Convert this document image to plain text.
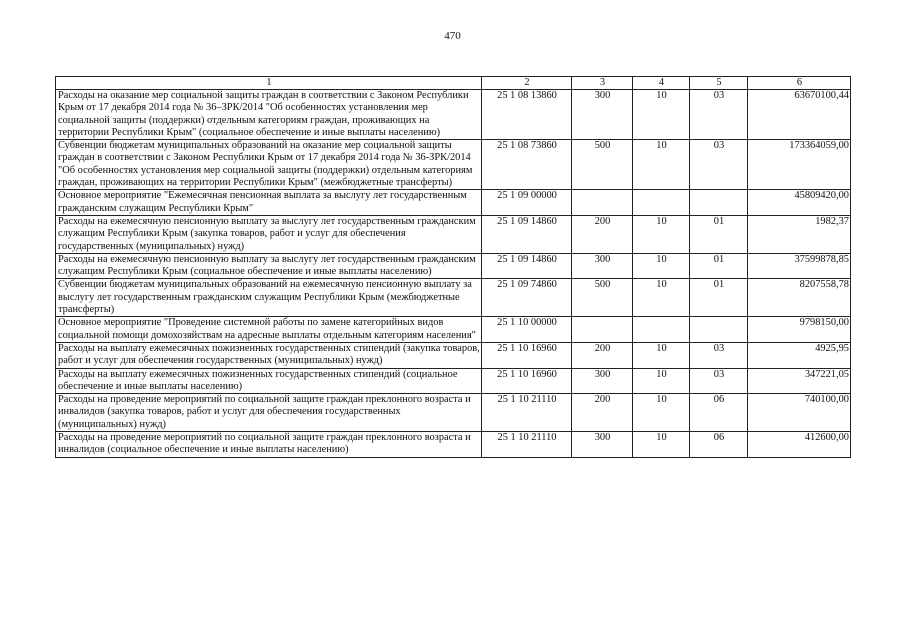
470
1	2	3	4	5	6
Расходы на оказание мер социальной защиты граждан в соответствии с Законом Республики Крым от 17 декабря 2014 года № 36–ЗРК/2014 "Об особенностях установления мер социальной защиты (поддержки) отдельным категориям граждан, проживающих на территории Республики Крым" (социальное обеспечение и иные выплаты населению)	25 1 08 13860	300	10	03	63670100,44
Субвенции бюджетам муниципальных образований на оказание мер социальной защиты граждан в соответствии с Законом Республики Крым от 17 декабря 2014 года № 36-ЗРК/2014 "Об особенностях установления мер социальной защиты (поддержки) отдельным категориям граждан, проживающих на территории Республики Крым" (межбюджетные трансферты)	25 1 08 73860	500	10	03	173364059,00
Основное мероприятие "Ежемесячная пенсионная выплата за выслугу лет государственным гражданским служащим Республики Крым"	25 1 09 00000				45809420,00
Расходы на ежемесячную пенсионную выплату за выслугу лет государственным гражданским служащим Республики Крым (закупка товаров, работ и услуг для обеспечения государственных (муниципальных) нужд)	25 1 09 14860	200	10	01	1982,37
Расходы на ежемесячную пенсионную выплату за выслугу лет государственным гражданским служащим Республики Крым (социальное обеспечение и иные выплаты населению)	25 1 09 14860	300	10	01	37599878,85
Субвенции бюджетам муниципальных образований на ежемесячную пенсионную выплату за выслугу лет государственным гражданским служащим Республики Крым (межбюджетные трансферты)	25 1 09 74860	500	10	01	8207558,78
Основное мероприятие "Проведение системной работы по замене категорийных видов социальной помощи домохозяйствам на адресные выплаты отдельным категориям населения"	25 1 10 00000				9798150,00
Расходы на выплату ежемесячных пожизненных государственных стипендий (закупка товаров, работ и услуг для обеспечения государственных (муниципальных) нужд)	25 1 10 16960	200	10	03	4925,95
Расходы на выплату ежемесячных пожизненных государственных стипендий (социальное обеспечение и иные выплаты населению)	25 1 10 16960	300	10	03	347221,05
Расходы на проведение мероприятий по социальной защите граждан преклонного возраста и инвалидов (закупка товаров, работ и услуг для обеспечения государственных (муниципальных) нужд)	25 1 10 21110	200	10	06	740100,00
Расходы на проведение мероприятий по социальной защите граждан преклонного возраста и инвалидов (социальное обеспечение и иные выплаты населению)	25 1 10 21110	300	10	06	412600,00
